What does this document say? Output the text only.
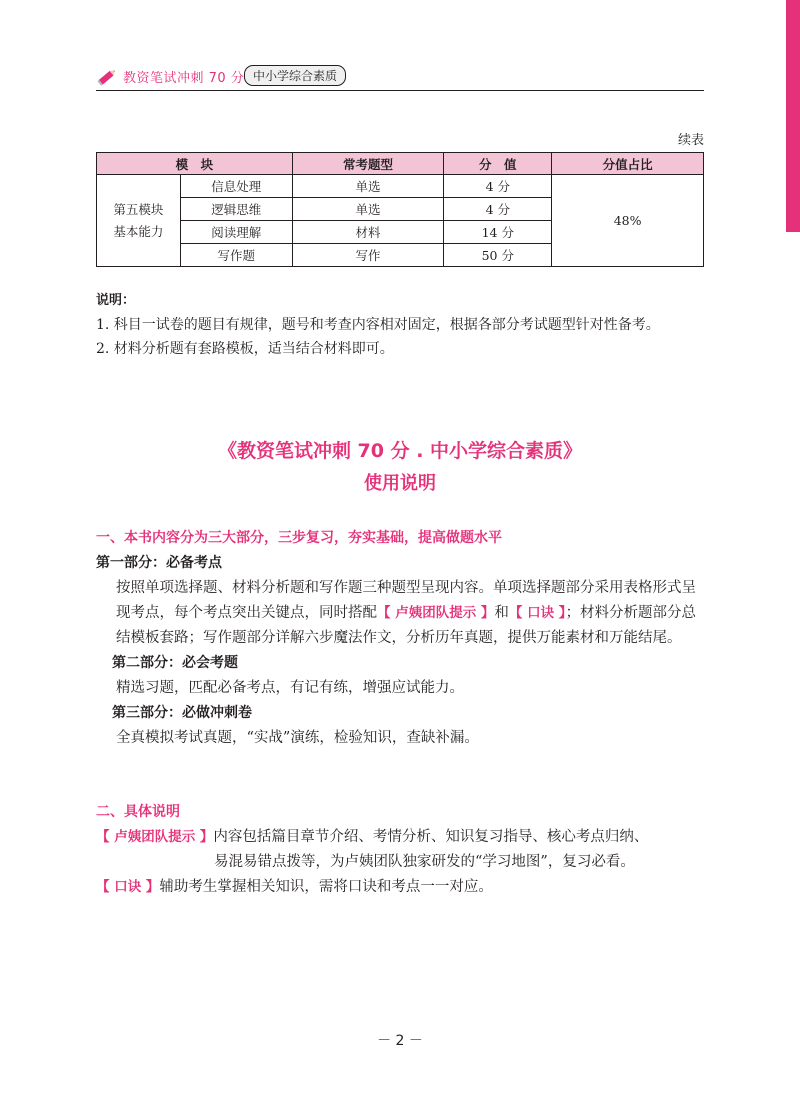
教资笔试冲刺 70 分 中小学综合素质
续表
模　块		常考题型	分　值	分值占比
第五模块
基本能力	信息处理	单选	4 分	48%
	逻辑思维	单选	4 分	
	阅读理解	材料	14 分	
	写作题	写作	50 分	

说明：

1. 科目一试卷的题目有规律，题号和考查内容相对固定，根据各部分考试题型针对性备考。

2. 材料分析题有套路模板，适当结合材料即可。

《教资笔试冲刺 70 分 . 中小学综合素质》
使用说明

一、本书内容分为三大部分，三步复习，夯实基础，提高做题水平

第一部分：必备考点

按照单项选择题、材料分析题和写作题三种题型呈现内容。单项选择题部分采用表格形式呈现考点，每个考点突出关键点，同时搭配【 卢姨团队提示 】和【 口诀 】；材料分析题部分总结模板套路；写作题部分详解六步魔法作文，分析历年真题，提供万能素材和万能结尾。

第二部分：必会考题

精选习题，匹配必备考点，有记有练，增强应试能力。

第三部分：必做冲刺卷

全真模拟考试真题，“实战”演练，检验知识，查缺补漏。

二、具体说明

【 卢姨团队提示 】内容包括篇目章节介绍、考情分析、知识复习指导、核心考点归纳、

易混易错点拨等，为卢姨团队独家研发的“学习地图”，复习必看。

【 口诀 】辅助考生掌握相关知识，需将口诀和考点一一对应。

－ 2 －
